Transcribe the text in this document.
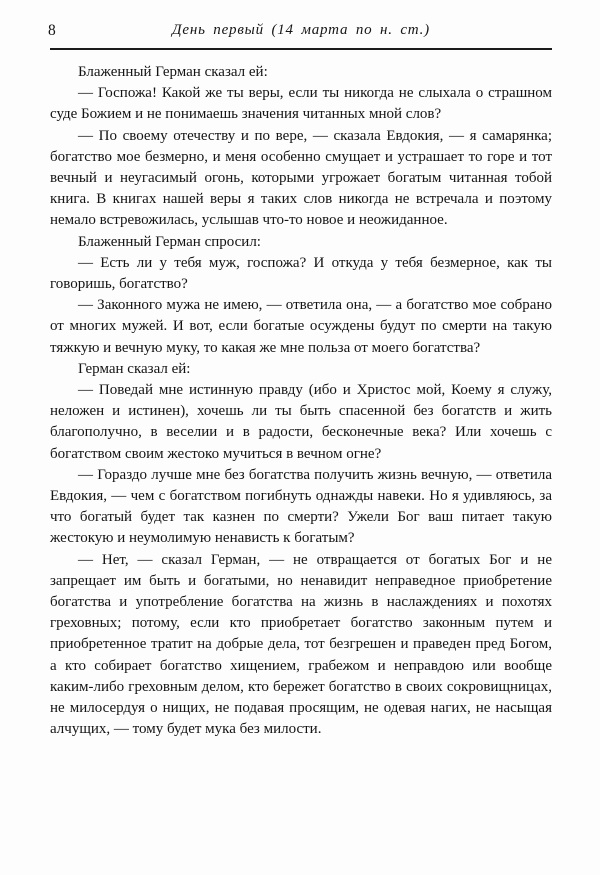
8	День первый (14 марта по н. ст.)

Блаженный Герман сказал ей:

— Госпожа! Какой же ты веры, если ты никогда не слыхала о страшном суде Божием и не понимаешь значения читанных мной слов?

— По своему отечеству и по вере, — сказала Евдокия, — я самарянка; богатство мое безмерно, и меня особенно смущает и устрашает то горе и тот вечный и неугасимый огонь, которыми угрожает богатым читанная тобой книга. В книгах нашей веры я таких слов никогда не встречала и поэтому немало встревожилась, услышав что-то новое и неожиданное.

Блаженный Герман спросил:

— Есть ли у тебя муж, госпожа? И откуда у тебя безмерное, как ты говоришь, богатство?

— Законного мужа не имею, — ответила она, — а богатство мое собрано от многих мужей. И вот, если богатые осуждены будут по смерти на такую тяжкую и вечную муку, то какая же мне польза от моего богатства?

Герман сказал ей:

— Поведай мне истинную правду (ибо и Христос мой, Коему я служу, неложен и истинен), хочешь ли ты быть спасенной без богатств и жить благополучно, в веселии и в радости, бесконечные века? Или хочешь с богатством своим жестоко мучиться в вечном огне?

— Гораздо лучше мне без богатства получить жизнь вечную, — ответила Евдокия, — чем с богатством погибнуть однажды навеки. Но я удивляюсь, за что богатый будет так казнен по смерти? Ужели Бог ваш питает такую жестокую и неумолимую ненависть к богатым?

— Нет, — сказал Герман, — не отвращается от богатых Бог и не запрещает им быть и богатыми, но ненавидит неправедное приобретение богатства и употребление богатства на жизнь в наслаждениях и похотях греховных; потому, если кто приобретает богатство законным путем и приобретенное тратит на добрые дела, тот безгрешен и праведен пред Богом, а кто собирает богатство хищением, грабежом и неправдою или вообще каким-либо греховным делом, кто бережет богатство в своих сокровищницах, не милосердуя о нищих, не подавая просящим, не одевая нагих, не насыщая алчущих, — тому будет мука без милости.
